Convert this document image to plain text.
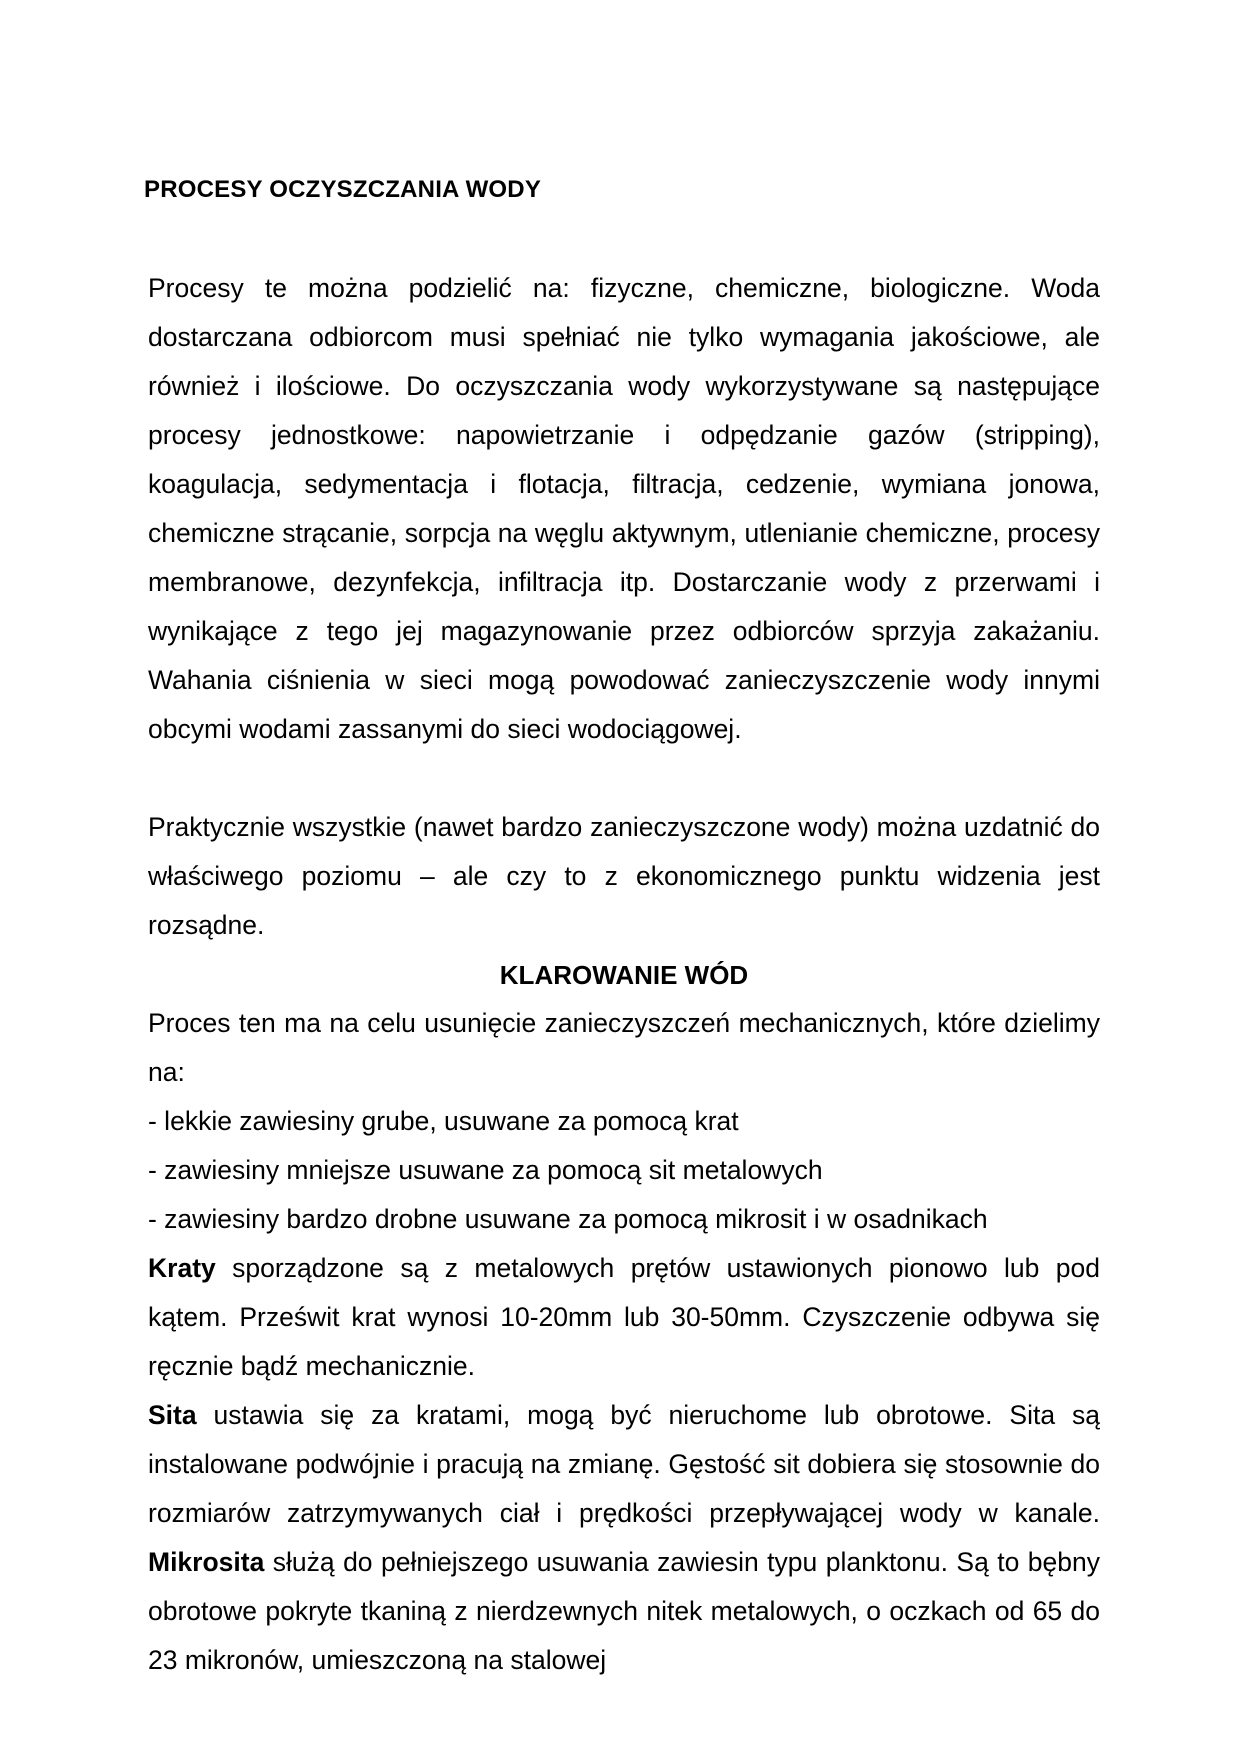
PROCESY OCZYSZCZANIA WODY

Procesy te można podzielić na: fizyczne, chemiczne, biologiczne. Woda dostarczana odbiorcom musi spełniać nie tylko wymagania jakościowe, ale również i ilościowe. Do oczyszczania wody wykorzystywane są następujące procesy jednostkowe: napowietrzanie i odpędzanie gazów (stripping), koagulacja, sedymentacja i flotacja, filtracja, cedzenie, wymiana jonowa, chemiczne strącanie, sorpcja na węglu aktywnym, utlenianie chemiczne, procesy membranowe, dezynfekcja, infiltracja itp. Dostarczanie wody z przerwami i wynikające z tego jej magazynowanie przez odbiorców sprzyja zakażaniu. Wahania ciśnienia w sieci mogą powodować zanieczyszczenie wody innymi obcymi wodami zassanymi do sieci wodociągowej.

Praktycznie wszystkie (nawet bardzo zanieczyszczone wody) można uzdatnić do właściwego poziomu – ale czy to z ekonomicznego punktu widzenia jest rozsądne.

KLAROWANIE WÓD

Proces ten ma na celu usunięcie zanieczyszczeń mechanicznych, które dzielimy na:

- lekkie zawiesiny grube, usuwane za pomocą krat
- zawiesiny mniejsze usuwane za pomocą sit metalowych
- zawiesiny bardzo drobne usuwane za pomocą mikrosit i w osadnikach

Kraty sporządzone są z metalowych prętów ustawionych pionowo lub pod kątem. Prześwit krat wynosi 10-20mm lub 30-50mm. Czyszczenie odbywa się ręcznie bądź mechanicznie.

Sita ustawia się za kratami, mogą być nieruchome lub obrotowe. Sita są instalowane podwójnie i pracują na zmianę. Gęstość sit dobiera się stosownie do rozmiarów zatrzymywanych ciał i prędkości przepływającej wody w kanale. Mikrosita służą do pełniejszego usuwania zawiesin typu planktonu. Są to bębny obrotowe pokryte tkaniną z nierdzewnych nitek metalowych, o oczkach od 65 do 23 mikronów, umieszczoną na stalowej
